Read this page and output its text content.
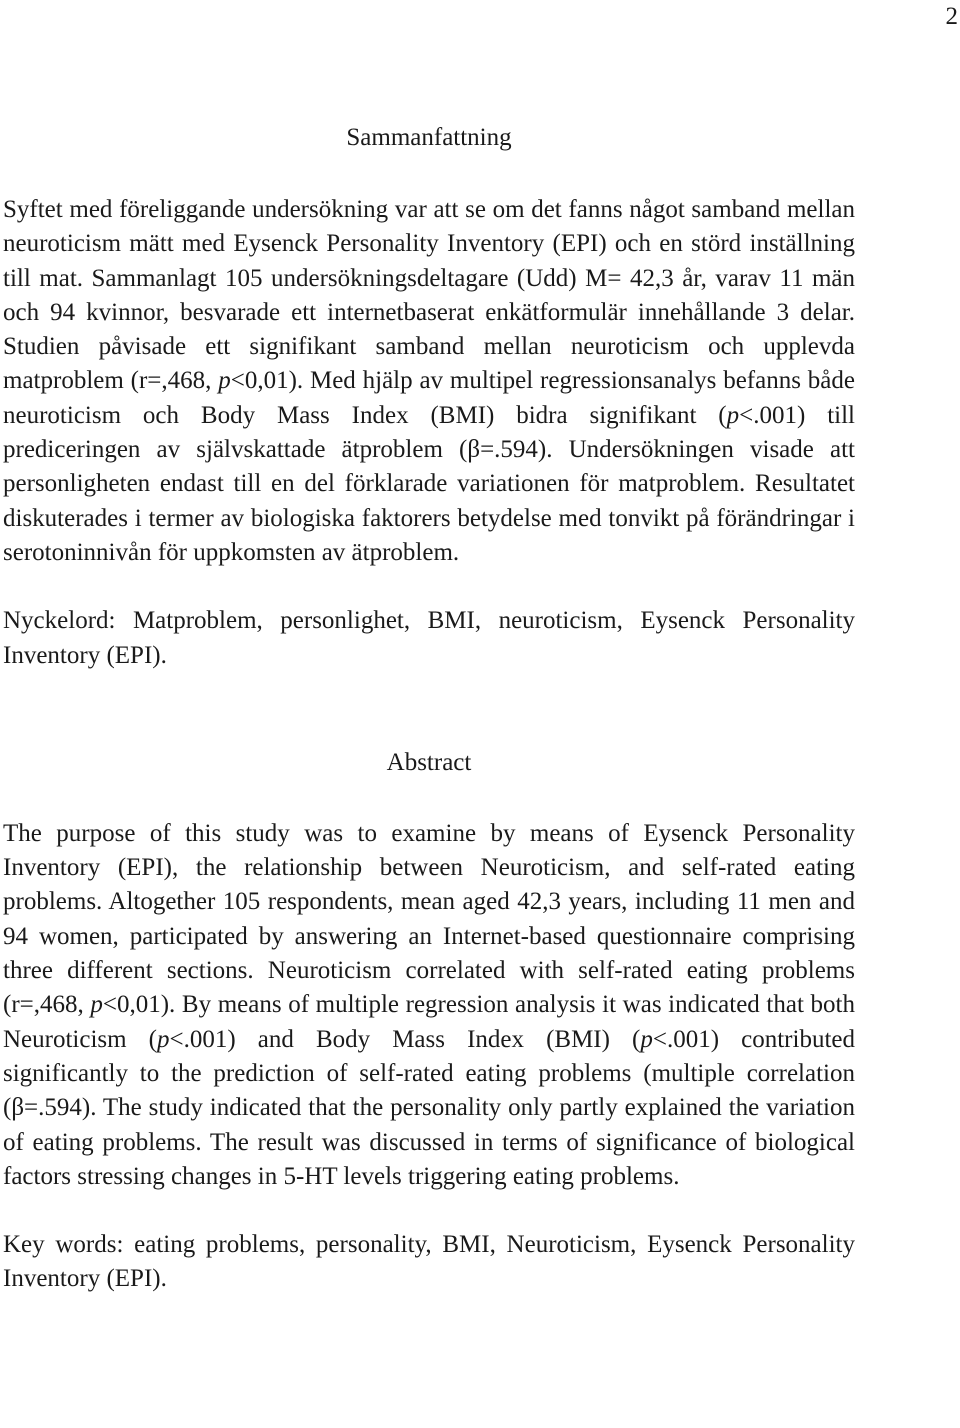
2
Sammanfattning

Syftet med föreliggande undersökning var att se om det fanns något samband mellan neuroticism mätt med Eysenck Personality Inventory (EPI) och en störd inställning till mat. Sammanlagt 105 undersökningsdeltagare (Udd) M= 42,3 år, varav 11 män och 94 kvinnor, besvarade ett internetbaserat enkätformulär innehållande 3 delar. Studien påvisade ett signifikant samband mellan neuroticism och upplevda matproblem (r=,468, p<0,01). Med hjälp av multipel regressionsanalys befanns både neuroticism och Body Mass Index (BMI) bidra signifikant (p<.001) till prediceringen av självskattade ätproblem (β=.594). Undersökningen visade att personligheten endast till en del förklarade variationen för matproblem. Resultatet diskuterades i termer av biologiska faktorers betydelse med tonvikt på förändringar i serotoninnivån för uppkomsten av ätproblem.

Nyckelord: Matproblem, personlighet, BMI, neuroticism, Eysenck Personality Inventory (EPI).

Abstract

The purpose of this study was to examine by means of Eysenck Personality Inventory (EPI), the relationship between Neuroticism, and self-rated eating problems. Altogether 105 respondents, mean aged 42,3 years, including 11 men and 94 women, participated by answering an Internet-based questionnaire comprising three different sections. Neuroticism correlated with self-rated eating problems (r=,468, p<0,01). By means of multiple regression analysis it was indicated that both Neuroticism (p<.001) and Body Mass Index (BMI) (p<.001) contributed significantly to the prediction of self-rated eating problems (multiple correlation (β=.594). The study indicated that the personality only partly explained the variation of eating problems. The result was discussed in terms of significance of biological factors stressing changes in 5-HT levels triggering eating problems.

Key words: eating problems, personality, BMI, Neuroticism, Eysenck Personality Inventory (EPI).
